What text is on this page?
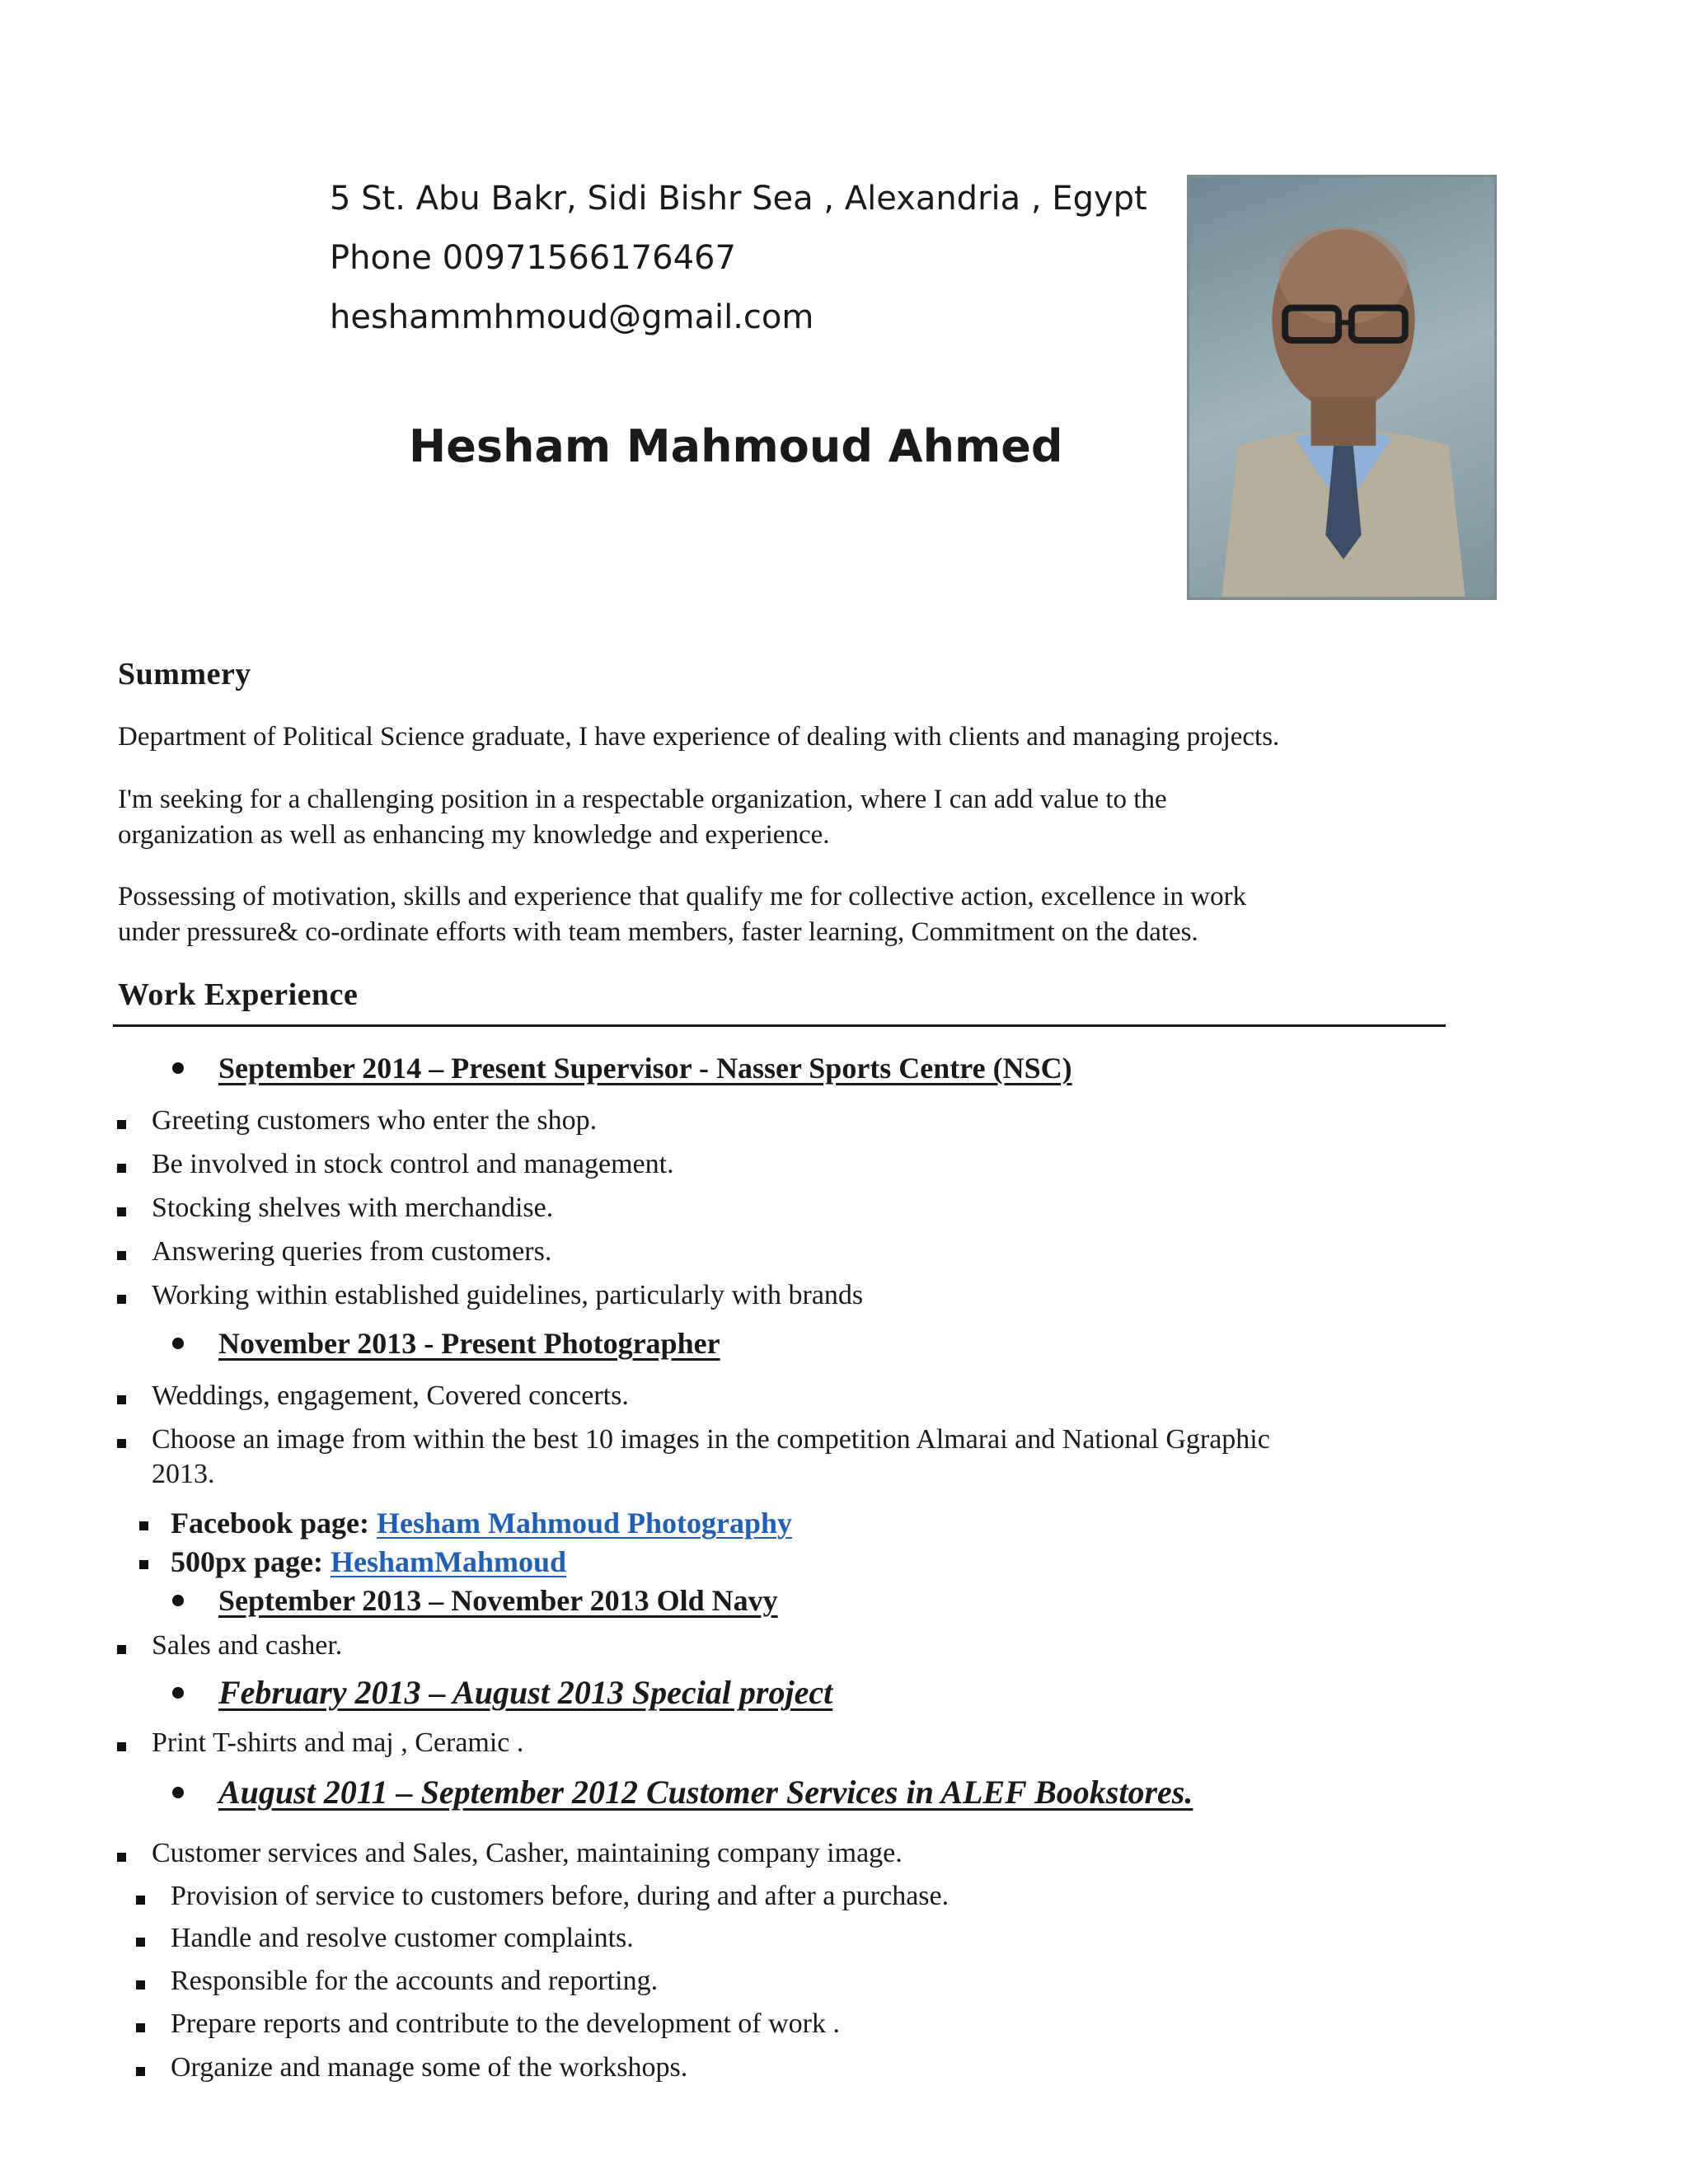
5 St. Abu Bakr, Sidi Bishr Sea , Alexandria , Egypt
Phone 00971566176467
heshammhmoud@gmail.com
Hesham Mahmoud Ahmed
Summery
Department of Political Science graduate, I have experience of dealing with clients and managing projects.
I'm seeking for a challenging position in a respectable organization, where I can add value to the
organization as well as enhancing my knowledge and experience.
Possessing of motivation, skills and experience that qualify me for collective action, excellence in work
under pressure& co-ordinate efforts with team members, faster learning, Commitment on the dates.
Work Experience
September 2014 – Present Supervisor - Nasser Sports Centre (NSC)
Greeting customers who enter the shop.
Be involved in stock control and management.
Stocking shelves with merchandise.
Answering queries from customers.
Working within established guidelines, particularly with brands
November 2013 - Present Photographer
Weddings, engagement, Covered concerts.
Choose an image from within the best 10 images in the competition Almarai and National Ggraphic
2013.
Facebook page: Hesham Mahmoud Photography
500px page: HeshamMahmoud
September 2013 – November 2013 Old Navy
Sales and casher.
February 2013 – August 2013 Special project
Print T-shirts and maj , Ceramic .
August 2011 – September 2012 Customer Services in ALEF Bookstores.
Customer services and Sales, Casher, maintaining company image.
Provision of service to customers before, during and after a purchase.
Handle and resolve customer complaints.
Responsible for the accounts and reporting.
Prepare reports and contribute to the development of work .
Organize and manage some of the workshops.
